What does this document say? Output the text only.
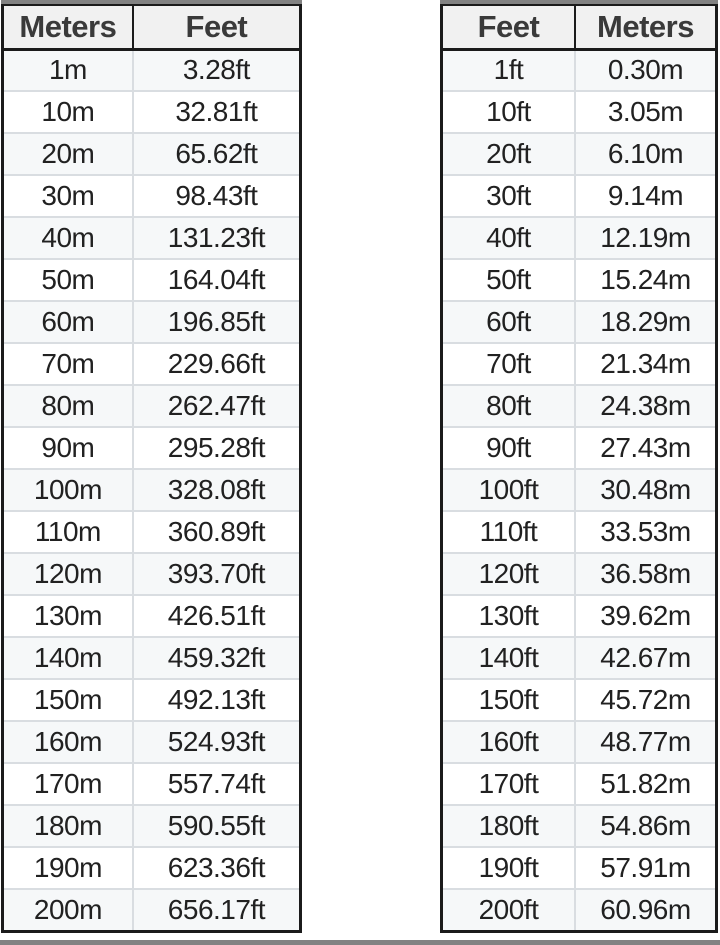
Meters	Feet
1m	3.28ft
10m	32.81ft
20m	65.62ft
30m	98.43ft
40m	131.23ft
50m	164.04ft
60m	196.85ft
70m	229.66ft
80m	262.47ft
90m	295.28ft
100m	328.08ft
110m	360.89ft
120m	393.70ft
130m	426.51ft
140m	459.32ft
150m	492.13ft
160m	524.93ft
170m	557.74ft
180m	590.55ft
190m	623.36ft
200m	656.17ft
Feet	Meters
1ft	0.30m
10ft	3.05m
20ft	6.10m
30ft	9.14m
40ft	12.19m
50ft	15.24m
60ft	18.29m
70ft	21.34m
80ft	24.38m
90ft	27.43m
100ft	30.48m
110ft	33.53m
120ft	36.58m
130ft	39.62m
140ft	42.67m
150ft	45.72m
160ft	48.77m
170ft	51.82m
180ft	54.86m
190ft	57.91m
200ft	60.96m
